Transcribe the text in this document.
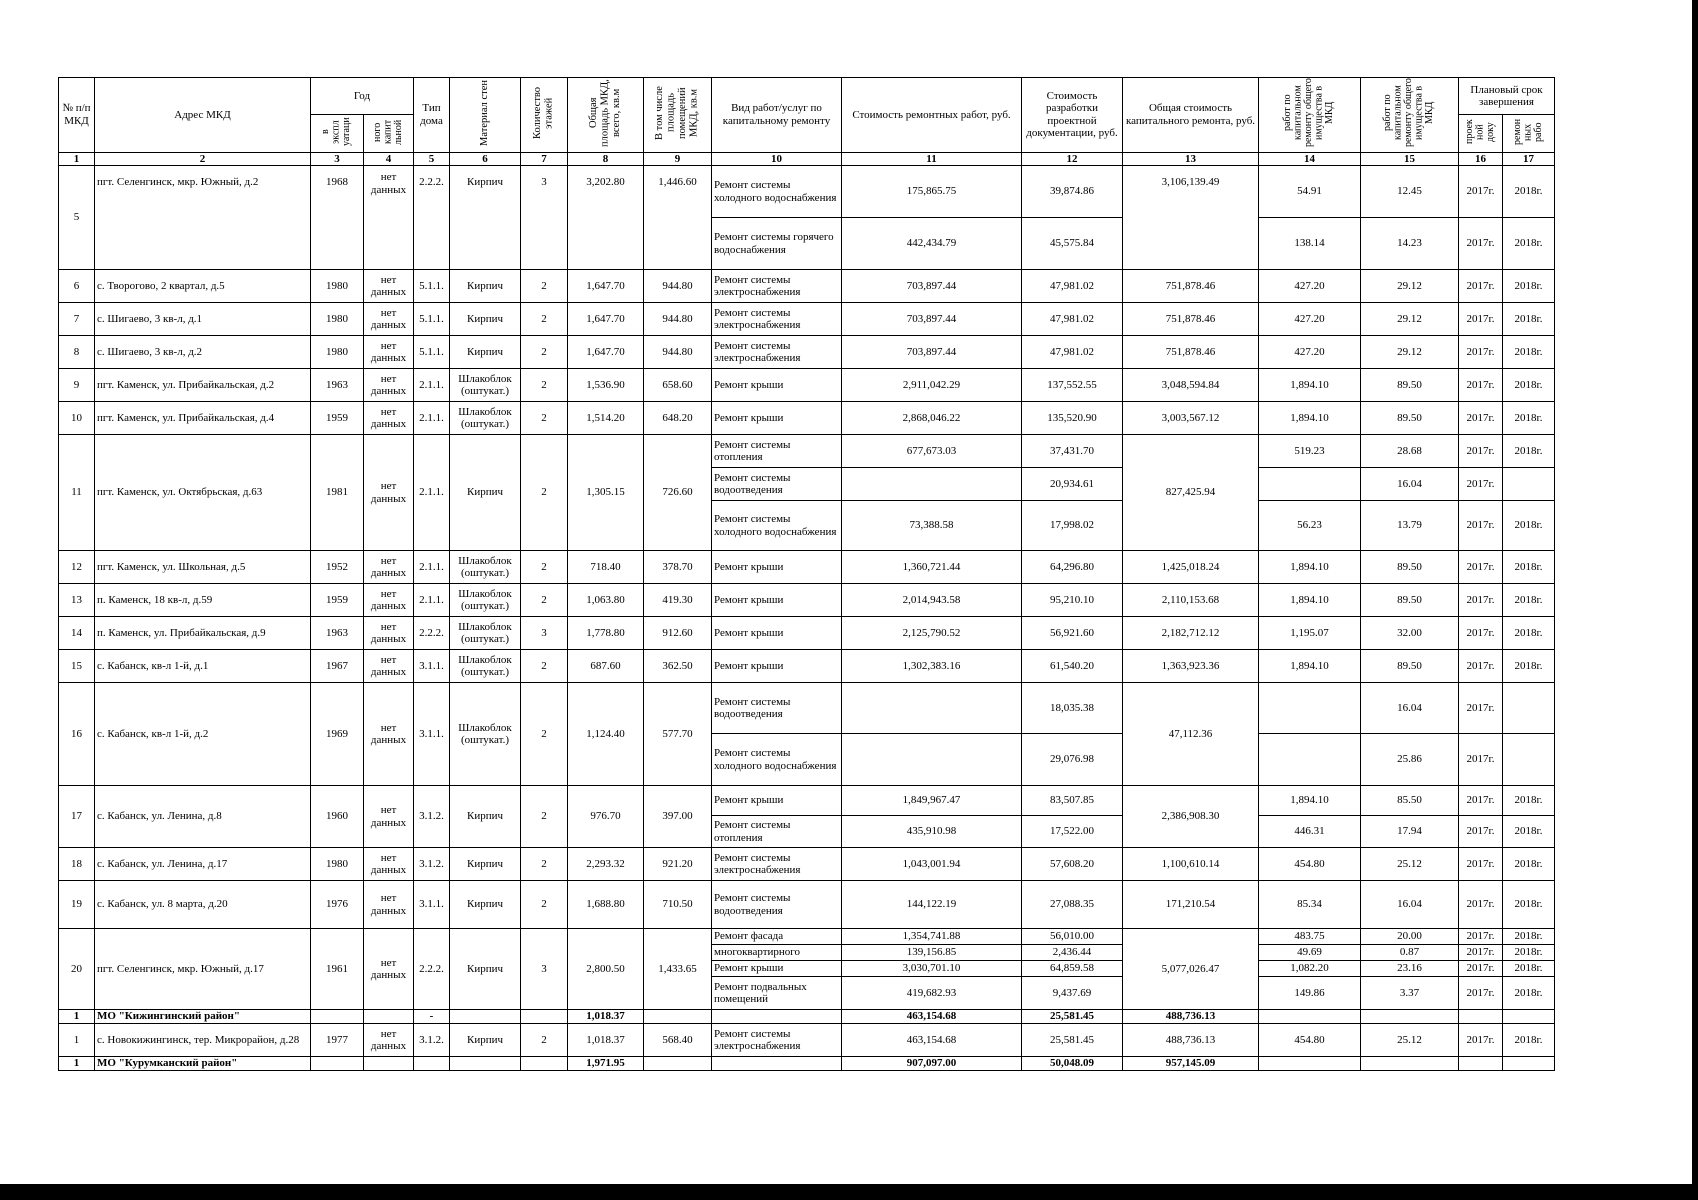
№ п/п МКД	Адрес МКД	Год		Тип дома	Материал стен	Количество этажей	Общая площадь МКД, всего, кв.м	В том числе площадь помещений МКД, кв.м	Вид работ/услуг по капитальному ремонту	Стоимость ремонтных работ, руб.	Стоимость разработки проектной документации, руб.	Общая стоимость капитального ремонта, руб.	работ по капитальном ремонту общего имущества в МКД	работ по капитальном ремонту общего имущества в МКД	Плановый срок завершения	
		в экспл уатаци	ного капит льной												проек ной доку	ремон ных рабо
1	2	3	4	5	6	7	8	9	10	11	12	13	14	15	16	17
5	пгт. Селенгинск, мкр. Южный, д.2	1968	нет данных	2.2.2.	Кирпич	3	3,202.80	1,446.60	Ремонт системы холодного водоснабжения	175,865.75	39,874.86	3,106,139.49	54.91	12.45	2017г.	2018г.
									Ремонт системы горячего водоснабжения	442,434.79	45,575.84		138.14	14.23	2017г.	2018г.
6	с. Творогово, 2 квартал, д.5	1980	нет данных	5.1.1.	Кирпич	2	1,647.70	944.80	Ремонт системы электроснабжения	703,897.44	47,981.02	751,878.46	427.20	29.12	2017г.	2018г.
7	с. Шигаево, 3 кв-л, д.1	1980	нет данных	5.1.1.	Кирпич	2	1,647.70	944.80	Ремонт системы электроснабжения	703,897.44	47,981.02	751,878.46	427.20	29.12	2017г.	2018г.
8	с. Шигаево, 3 кв-л, д.2	1980	нет данных	5.1.1.	Кирпич	2	1,647.70	944.80	Ремонт системы электроснабжения	703,897.44	47,981.02	751,878.46	427.20	29.12	2017г.	2018г.
9	пгт. Каменск, ул. Прибайкальская, д.2	1963	нет данных	2.1.1.	Шлакоблок (оштукат.)	2	1,536.90	658.60	Ремонт крыши	2,911,042.29	137,552.55	3,048,594.84	1,894.10	89.50	2017г.	2018г.
10	пгт. Каменск, ул. Прибайкальская, д.4	1959	нет данных	2.1.1.	Шлакоблок (оштукат.)	2	1,514.20	648.20	Ремонт крыши	2,868,046.22	135,520.90	3,003,567.12	1,894.10	89.50	2017г.	2018г.
11	пгт. Каменск, ул. Октябрьская, д.63	1981	нет данных	2.1.1.	Кирпич	2	1,305.15	726.60	Ремонт системы отопления	677,673.03	37,431.70	827,425.94	519.23	28.68	2017г.	2018г.
									Ремонт системы водоотведения		20,934.61			16.04	2017г.	
									Ремонт системы холодного водоснабжения	73,388.58	17,998.02		56.23	13.79	2017г.	2018г.
12	пгт. Каменск, ул. Школьная, д.5	1952	нет данных	2.1.1.	Шлакоблок (оштукат.)	2	718.40	378.70	Ремонт крыши	1,360,721.44	64,296.80	1,425,018.24	1,894.10	89.50	2017г.	2018г.
13	п. Каменск, 18 кв-л, д.59	1959	нет данных	2.1.1.	Шлакоблок (оштукат.)	2	1,063.80	419.30	Ремонт крыши	2,014,943.58	95,210.10	2,110,153.68	1,894.10	89.50	2017г.	2018г.
14	п. Каменск, ул. Прибайкальская, д.9	1963	нет данных	2.2.2.	Шлакоблок (оштукат.)	3	1,778.80	912.60	Ремонт крыши	2,125,790.52	56,921.60	2,182,712.12	1,195.07	32.00	2017г.	2018г.
15	с. Кабанск, кв-л 1-й, д.1	1967	нет данных	3.1.1.	Шлакоблок (оштукат.)	2	687.60	362.50	Ремонт крыши	1,302,383.16	61,540.20	1,363,923.36	1,894.10	89.50	2017г.	2018г.
16	с. Кабанск, кв-л 1-й, д.2	1969	нет данных	3.1.1.	Шлакоблок (оштукат.)	2	1,124.40	577.70	Ремонт системы водоотведения		18,035.38	47,112.36		16.04	2017г.	
									Ремонт системы холодного водоснабжения		29,076.98			25.86	2017г.	
17	с. Кабанск, ул. Ленина, д.8	1960	нет данных	3.1.2.	Кирпич	2	976.70	397.00	Ремонт крыши	1,849,967.47	83,507.85	2,386,908.30	1,894.10	85.50	2017г.	2018г.
									Ремонт системы отопления	435,910.98	17,522.00		446.31	17.94	2017г.	2018г.
18	с. Кабанск, ул. Ленина, д.17	1980	нет данных	3.1.2.	Кирпич	2	2,293.32	921.20	Ремонт системы электроснабжения	1,043,001.94	57,608.20	1,100,610.14	454.80	25.12	2017г.	2018г.
19	с. Кабанск, ул. 8 марта, д.20	1976	нет данных	3.1.1.	Кирпич	2	1,688.80	710.50	Ремонт системы водоотведения	144,122.19	27,088.35	171,210.54	85.34	16.04	2017г.	2018г.
20	пгт. Селенгинск, мкр. Южный, д.17	1961	нет данных	2.2.2.	Кирпич	3	2,800.50	1,433.65	Ремонт фасада	1,354,741.88	56,010.00	5,077,026.47	483.75	20.00	2017г.	2018г.
									многоквартирного	139,156.85	2,436.44		49.69	0.87	2017г.	2018г.
									Ремонт крыши	3,030,701.10	64,859.58		1,082.20	23.16	2017г.	2018г.
									Ремонт подвальных помещений	419,682.93	9,437.69		149.86	3.37	2017г.	2018г.
1	МО "Кижингинский район"			-			1,018.37			463,154.68	25,581.45	488,736.13				
1	с. Новокижингинск, тер. Микрорайон, д.28	1977	нет данных	3.1.2.	Кирпич	2	1,018.37	568.40	Ремонт системы электроснабжения	463,154.68	25,581.45	488,736.13	454.80	25.12	2017г.	2018г.
1	МО "Курумканский район"						1,971.95			907,097.00	50,048.09	957,145.09				
